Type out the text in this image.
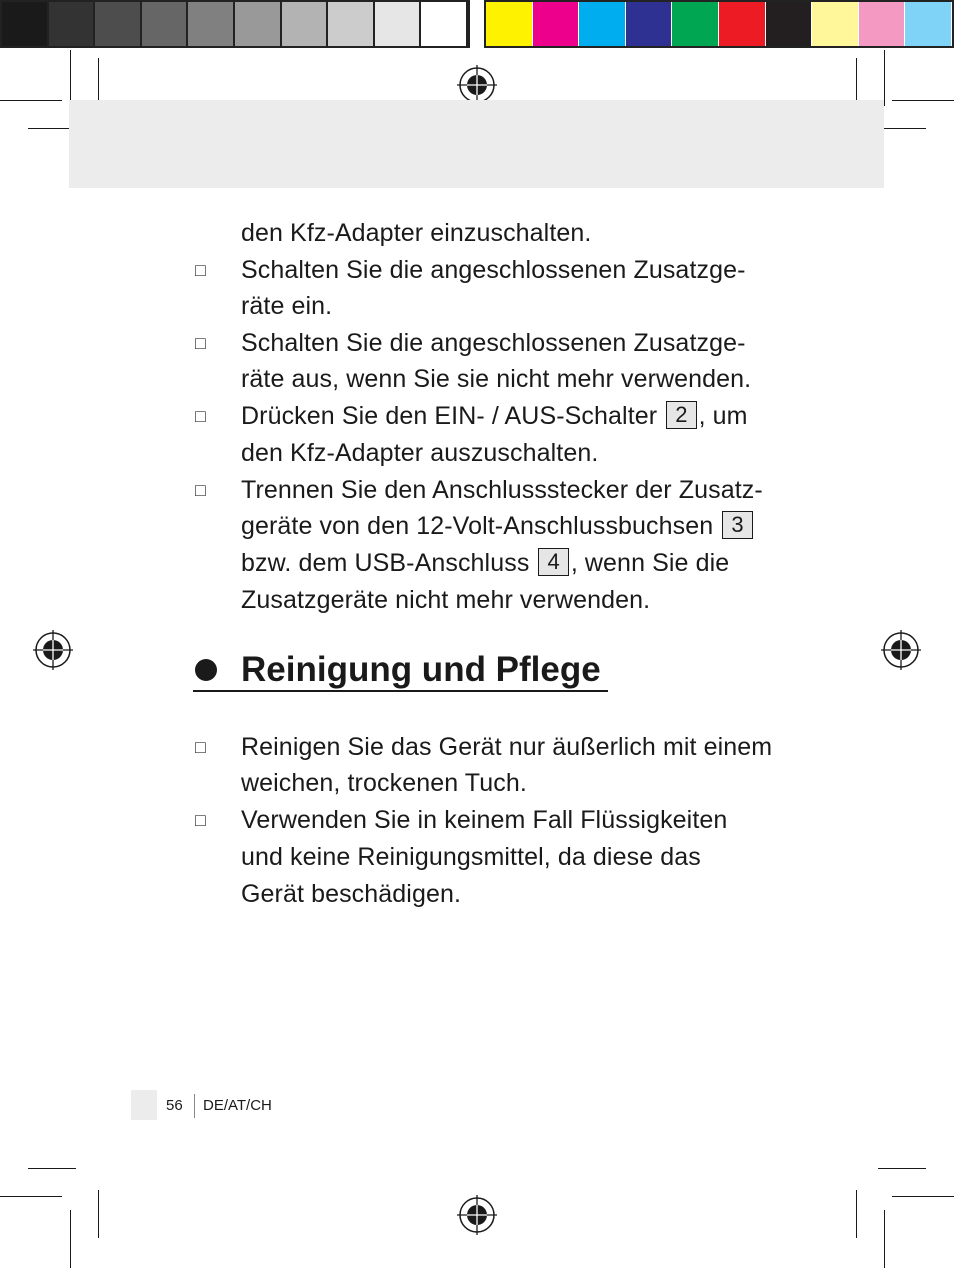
den Kfz-Adapter einzuschalten.
□ Schalten Sie die angeschlossenen Zusatzge-
räte ein.
□ Schalten Sie die angeschlossenen Zusatzge-
räte aus, wenn Sie sie nicht mehr verwenden.
□ Drücken Sie den EIN- / AUS-Schalter 2 , um
den Kfz-Adapter auszuschalten.
□ Trennen Sie den Anschlussstecker der Zusatz-
geräte von den 12-Volt-Anschlussbuchsen 3
bzw. dem USB-Anschluss 4 , wenn Sie die
Zusatzgeräte nicht mehr verwenden.
Reinigung und Pflege
□ Reinigen Sie das Gerät nur äußerlich mit einem
weichen, trockenen Tuch.
□ Verwenden Sie in keinem Fall Flüssigkeiten
und keine Reinigungsmittel, da diese das
Gerät beschädigen.
56 DE/AT/CH
